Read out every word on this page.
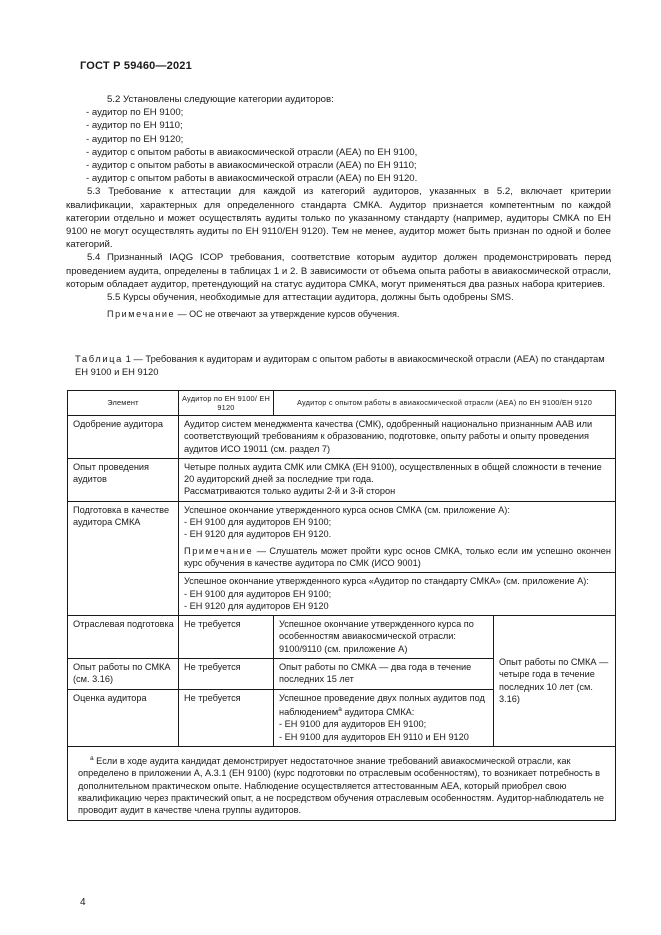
ГОСТ Р 59460—2021

5.2 Установлены следующие категории аудиторов:

- аудитор по ЕН 9100;

- аудитор по ЕН 9110;

- аудитор по ЕН 9120;

- аудитор с опытом работы в авиакосмической отрасли (АЕА) по ЕН 9100,

- аудитор с опытом работы в авиакосмической отрасли (АЕА) по ЕН 9110;

- аудитор с опытом работы в авиакосмической отрасли (АЕА) по ЕН 9120.

5.3 Требование к аттестации для каждой из категорий аудиторов, указанных в 5.2, включает критерии квалификации, характерных для определенного стандарта СМКА. Аудитор признается компетентным по каждой категории отдельно и может осуществлять аудиты только по указанному стандарту (например, аудиторы СМКА по ЕН 9100 не могут осуществлять аудиты по ЕН 9110/ЕН 9120). Тем не менее, аудитор может быть признан по одной и более категорий.

5.4 Признанный IAQG ICOP требования, соответствие которым аудитор должен продемонстрировать перед проведением аудита, определены в таблицах 1 и 2. В зависимости от объема опыта работы в авиакосмической отрасли, которым обладает аудитор, претендующий на статус аудитора СМКА, могут применяться два разных набора критериев.

5.5 Курсы обучения, необходимые для аттестации аудитора, должны быть одобрены SMS.

Примечание — ОС не отвечают за утверждение курсов обучения.

Таблица 1 — Требования к аудиторам и аудиторам с опытом работы в авиакосмической отрасли (АЕА) по стандартам ЕН 9100 и ЕН 9120
Элемент	Аудитор по ЕН 9100/ ЕН 9120	Аудитор с опытом работы в авиакосмической отрасли (АЕА) по ЕН 9100/ЕН 9120	
Одобрение аудитора	Аудитор систем менеджмента качества (СМК), одобренный национально признанным ААВ или соответствующий требованиям к образованию, подготовке, опыту работы и опыту проведения аудитов ИСО 19011 (см. раздел 7)		
Опыт проведения аудитов	Четыре полных аудита СМК или СМКА (ЕН 9100), осуществленных в общей сложности в течение 20 аудиторский дней за последние три года.

Рассматриваются только аудиты 2-й и 3-й сторон		

Подготовка в качестве аудитора СМКА	Успешное окончание утвержденного курса основ СМКА (см. приложение А):

- ЕН 9100 для аудиторов ЕН 9100;

- ЕН 9120 для аудиторов ЕН 9120.

Примечание — Слушатель может пройти курс основ СМКА, только если им успешно окончен курс обучения в качестве аудитора по СМК (ИСО 9001)		

	Успешное окончание утвержденного курса «Аудитор по стандарту СМКА» (см. приложение А):

- ЕН 9100 для аудиторов ЕН 9100;

- ЕН 9120 для аудиторов ЕН 9120		

Отраслевая подготовка	Не требуется	Успешное окончание утвержденного курса по особенностям авиакосмической отрасли: 9100/9110 (см. приложение А)	Опыт работы по СМКА — четыре года в течение последних 10 лет (см. 3.16)
Опыт работы по СМКА (см. 3.16)	Не требуется	Опыт работы по СМКА — два года в течение последних 15 лет	
Оценка аудитора	Не требуется	Успешное проведение двух полных аудитов под наблюдением$^а$ аудитора СМКА:

- ЕН 9100 для аудиторов ЕН 9100;

- ЕН 9100 для аудиторов ЕН 9110 и ЕН 9120	

$^а$ Если в ходе аудита кандидат демонстрирует недостаточное знание требований авиакосмической отрасли, как определено в приложении А, А.3.1 (ЕН 9100) (курс подготовки по отраслевым особенностям), то возникает потребность в дополнительном практическом опыте. Наблюдение осуществляется аттестованным АЕА, который приобрел свою квалификацию через практический опыт, а не посредством обучения отраслевым особенностям. Аудитор-наблюдатель не проводит аудит в качестве члена группы аудиторов.			
4
